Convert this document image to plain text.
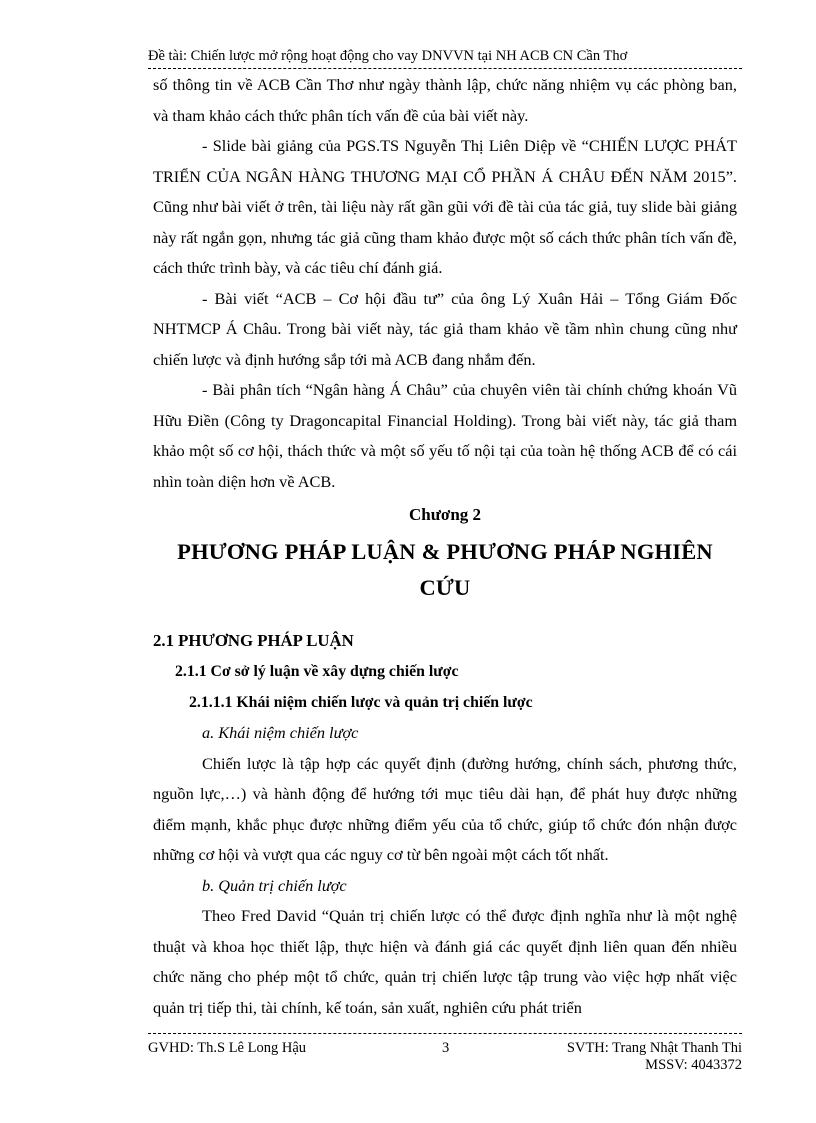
Đề tài: Chiến lược mở rộng hoạt động cho vay DNVVN tại NH ACB CN Cần Thơ

số thông tin về ACB Cần Thơ như ngày thành lập, chức năng nhiệm vụ các phòng ban, và tham khảo cách thức phân tích vấn đề của bài viết này.

- Slide bài giảng của PGS.TS Nguyễn Thị Liên Diệp về “CHIẾN LƯỢC PHÁT TRIỂN CỦA NGÂN HÀNG THƯƠNG MẠI CỔ PHẦN Á CHÂU ĐẾN NĂM 2015”. Cũng như bài viết ở trên, tài liệu này rất gần gũi với đề tài của tác giả, tuy slide bài giảng này rất ngắn gọn, nhưng tác giả cũng tham khảo được một số cách thức phân tích vấn đề, cách thức trình bày, và các tiêu chí đánh giá.

- Bài viết “ACB – Cơ hội đầu tư” của ông Lý Xuân Hải – Tổng Giám Đốc NHTMCP Á Châu. Trong bài viết này, tác giả tham khảo về tầm nhìn chung cũng như chiến lược và định hướng sắp tới mà ACB đang nhắm đến.

- Bài phân tích “Ngân hàng Á Châu” của chuyên viên tài chính chứng khoán Vũ Hữu Điền (Công ty Dragoncapital Financial Holding). Trong bài viết này, tác giả tham khảo một số cơ hội, thách thức và một số yếu tố nội tại của toàn hệ thống ACB để có cái nhìn toàn diện hơn về ACB.

Chương 2
PHƯƠNG PHÁP LUẬN & PHƯƠNG PHÁP NGHIÊN CỨU
2.1 PHƯƠNG PHÁP LUẬN
2.1.1 Cơ sở lý luận về xây dựng chiến lược
2.1.1.1 Khái niệm chiến lược và quản trị chiến lược
a. Khái niệm chiến lược

Chiến lược là tập hợp các quyết định (đường hướng, chính sách, phương thức, nguồn lực,…) và hành động để hướng tới mục tiêu dài hạn, để phát huy được những điểm mạnh, khắc phục được những điểm yếu của tổ chức, giúp tổ chức đón nhận được những cơ hội và vượt qua các nguy cơ từ bên ngoài một cách tốt nhất.

b. Quản trị chiến lược

Theo Fred David “Quản trị chiến lược có thể được định nghĩa như là một nghệ thuật và khoa học thiết lập, thực hiện và đánh giá các quyết định liên quan đến nhiều chức năng cho phép một tổ chức, quản trị chiến lược tập trung vào việc hợp nhất việc quản trị tiếp thi, tài chính, kế toán, sản xuất, nghiên cứu phát triển

GVHD: Th.S Lê Long Hậu	3	SVTH: Trang Nhật Thanh Thi
MSSV: 4043372
